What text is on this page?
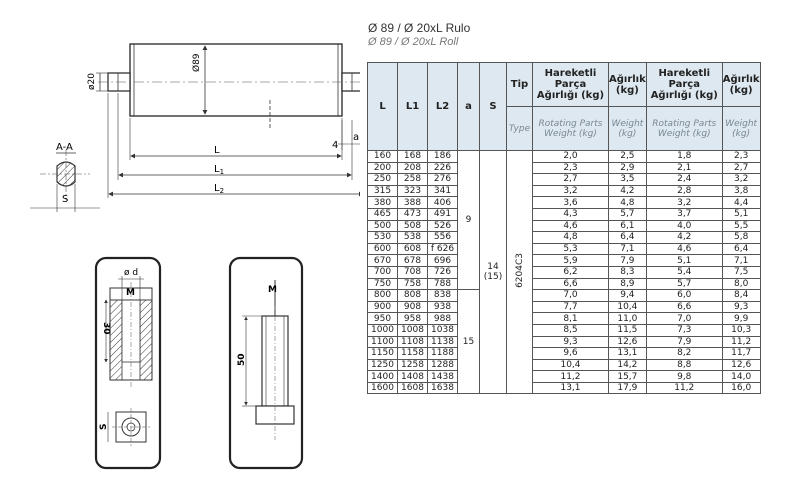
Ø89
ø20
a
4
L
$L_1$
$L_2$
A-A
S
ø d
M
30
S
M
50
Ø 89 / Ø 20xL Rulo
Ø 89 / Ø 20xL Roll
L	L1	L2	a	S	Tip	Hareketli Parça Ağırlığı (kg)	Ağırlık (kg)	Hareketli Parça Ağırlığı (kg)	Ağırlık (kg)
					Type	Rotating Parts Weight (kg)	Weight (kg)	Rotating Parts Weight (kg)	Weight (kg)
160	168	186	9	14 (15)	6204C3	2,0	2,5	1,8	2,3
200	208	226				2,3	2,9	2,1	2,7
250	258	276				2,7	3,5	2,4	3,2
315	323	341				3,2	4,2	2,8	3,8
380	388	406				3,6	4,8	3,2	4,4
465	473	491				4,3	5,7	3,7	5,1
500	508	526				4,6	6,1	4,0	5,5
530	538	556				4,8	6,4	4,2	5,8
600	608	f 626				5,3	7,1	4,6	6,4
670	678	696				5,9	7,9	5,1	7,1
700	708	726				6,2	8,3	5,4	7,5
750	758	788				6,6	8,9	5,7	8,0
800	808	838	15			7,0	9,4	6,0	8,4
900	908	938				7,7	10,4	6,6	9,3
950	958	988				8,1	11,0	7,0	9,9
1000	1008	1038				8,5	11,5	7,3	10,3
1100	1108	1138				9,3	12,6	7,9	11,2
1150	1158	1188				9,6	13,1	8,2	11,7
1250	1258	1288				10,4	14,2	8,8	12,6
1400	1408	1438				11,2	15,7	9,8	14,0
1600	1608	1638				13,1	17,9	11,2	16,0
